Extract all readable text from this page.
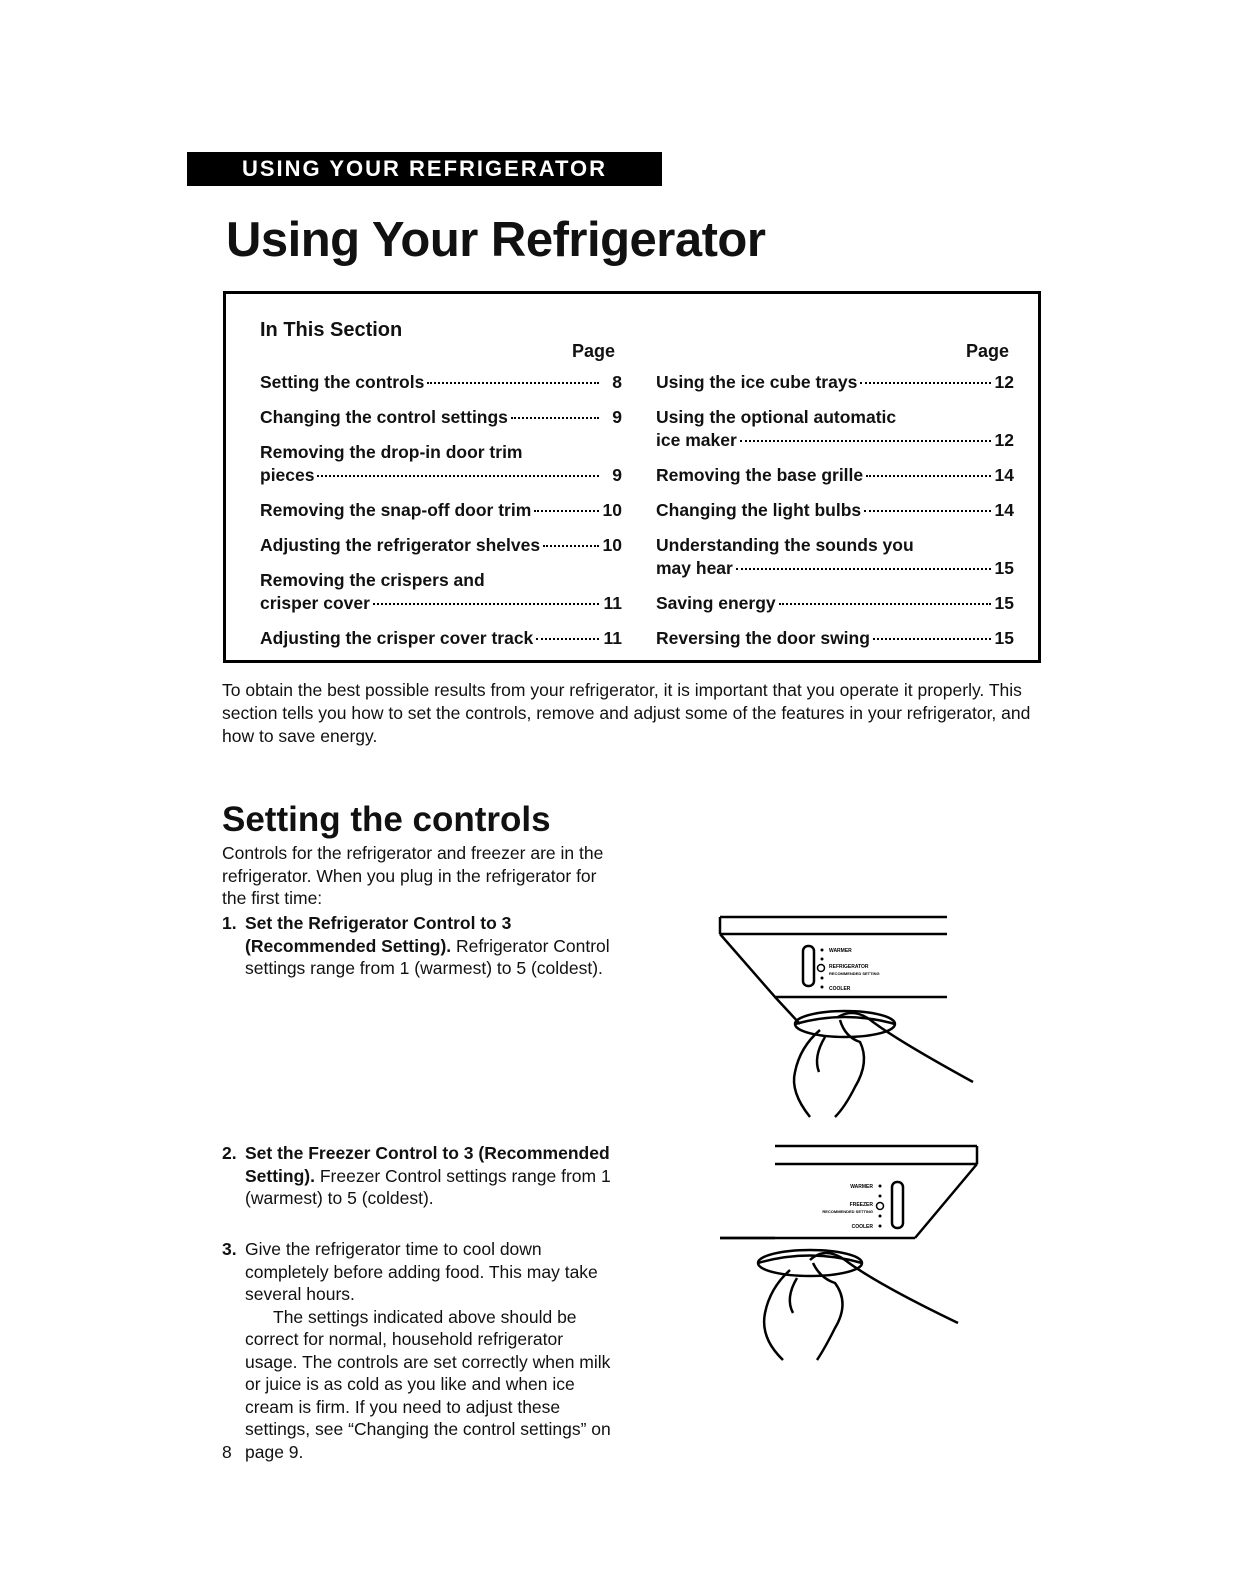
USING YOUR REFRIGERATOR
Using Your Refrigerator
In This Section
Page	Page
Setting the controls	8
Changing the control settings	9
Removing the drop-in door trim
pieces	9
Removing the snap-off door trim	10
Adjusting the refrigerator shelves	10
Removing the crispers and
crisper cover	11
Adjusting the crisper cover track	11
Using the ice cube trays	12
Using the optional automatic
ice maker	12
Removing the base grille	14
Changing the light bulbs	14
Understanding the sounds you
may hear	15
Saving energy	15
Reversing the door swing	15

To obtain the best possible results from your refrigerator, it is important that you operate it properly. This section tells you how to set the controls, remove and adjust some of the features in your refrigerator, and how to save energy.

Setting the controls

Controls for the refrigerator and freezer are in the refrigerator. When you plug in the refrigerator for the first time:

1. Set the Refrigerator Control to 3 (Recommended Setting). Refrigerator Control settings range from 1 (warmest) to 5 (coldest).
2. Set the Freezer Control to 3 (Recommended Setting). Freezer Control settings range from 1 (warmest) to 5 (coldest).
3. Give the refrigerator time to cool down completely before adding food. This may take several hours.
The settings indicated above should be correct for normal, household refrigerator usage. The controls are set correctly when milk or juice is as cold as you like and when ice cream is firm. If you need to adjust these settings, see “Changing the control settings” on page 9.
8
WARMER
REFRIGERATOR
RECOMMENDED SETTING
COOLER
WARMER
FREEZER
RECOMMENDED SETTING
COOLER
